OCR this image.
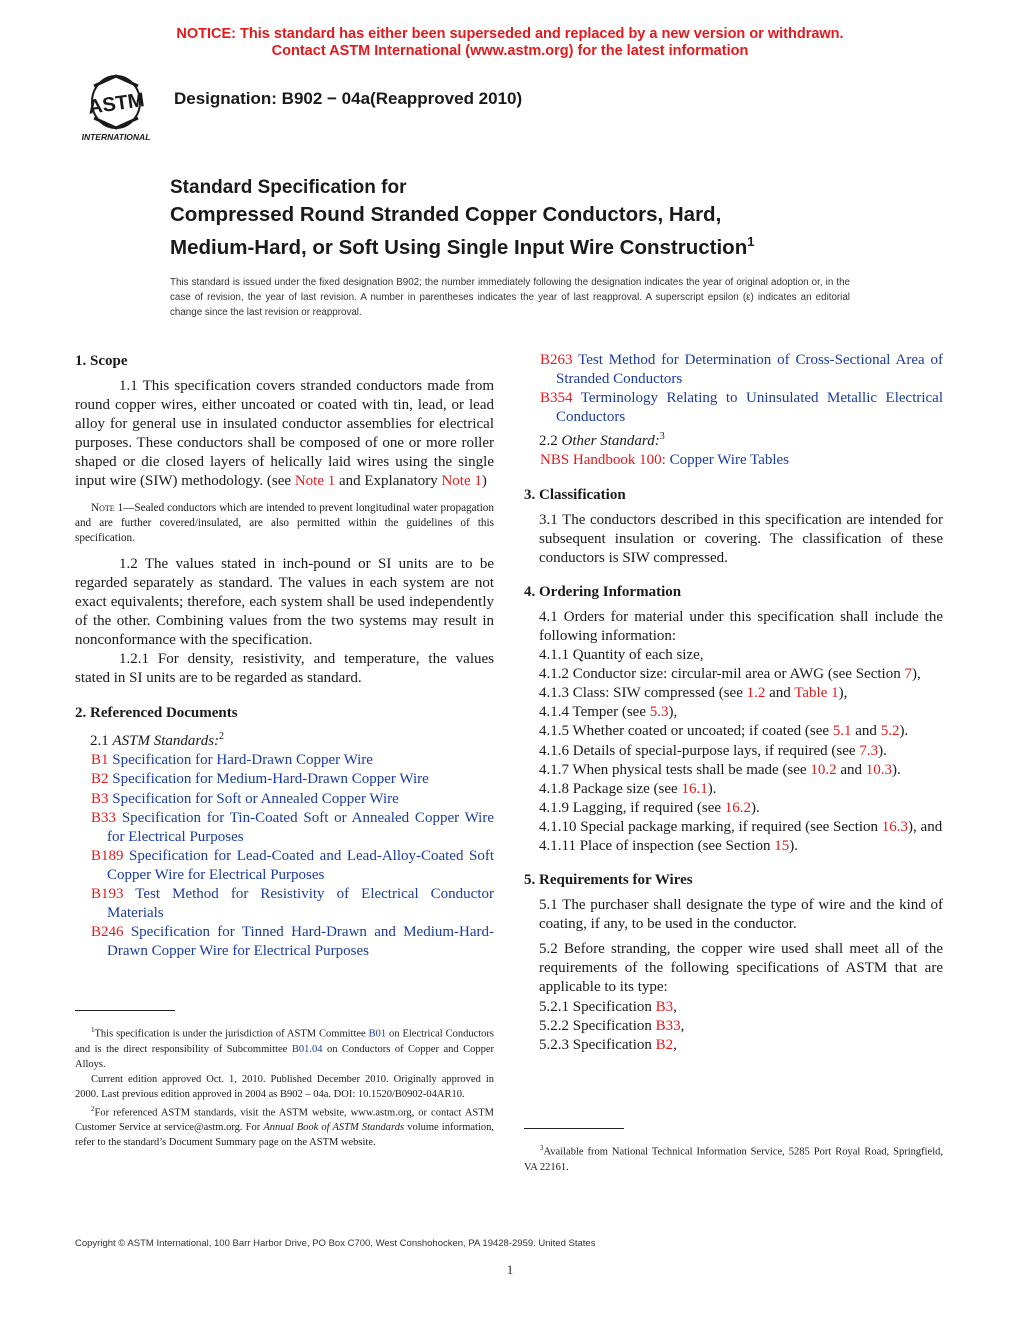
NOTICE: This standard has either been superseded and replaced by a new version or withdrawn.
Contact ASTM International (www.astm.org) for the latest information
ASTM
INTERNATIONAL
Designation: B902 − 04a(Reapproved 2010)
Standard Specification for
Compressed Round Stranded Copper Conductors, Hard,
Medium-Hard, or Soft Using Single Input Wire Construction$^1$
This standard is issued under the fixed designation B902; the number immediately following the designation indicates the year of original adoption or, in the case of revision, the year of last revision. A number in parentheses indicates the year of last reapproval. A superscript epsilon (ε) indicates an editorial change since the last revision or reapproval.
1. Scope

1.1 This specification covers stranded conductors made from round copper wires, either uncoated or coated with tin, lead, or lead alloy for general use in insulated conductor assemblies for electrical purposes. These conductors shall be composed of one or more roller shaped or die closed layers of helically laid wires using the single input wire (SIW) methodology. (see Note 1 and Explanatory Note 1)

Note 1—Sealed conductors which are intended to prevent longitudinal water propagation and are further covered/insulated, are also permitted within the guidelines of this specification.

1.2 The values stated in inch-pound or SI units are to be regarded separately as standard. The values in each system are not exact equivalents; therefore, each system shall be used independently of the other. Combining values from the two systems may result in nonconformance with the specification.

1.2.1 For density, resistivity, and temperature, the values stated in SI units are to be regarded as standard.

2. Referenced Documents

2.1 ASTM Standards:$^2$

B1 Specification for Hard-Drawn Copper Wire

B2 Specification for Medium-Hard-Drawn Copper Wire

B3 Specification for Soft or Annealed Copper Wire

B33 Specification for Tin-Coated Soft or Annealed Copper Wire for Electrical Purposes

B189 Specification for Lead-Coated and Lead-Alloy-Coated Soft Copper Wire for Electrical Purposes

B193 Test Method for Resistivity of Electrical Conductor Materials

B246 Specification for Tinned Hard-Drawn and Medium-Hard-Drawn Copper Wire for Electrical Purposes

$^1$This specification is under the jurisdiction of ASTM Committee B01 on Electrical Conductors and is the direct responsibility of Subcommittee B01.04 on Conductors of Copper and Copper Alloys.

Current edition approved Oct. 1, 2010. Published December 2010. Originally approved in 2000. Last previous edition approved in 2004 as B902 – 04a. DOI: 10.1520/B0902-04AR10.

$^2$For referenced ASTM standards, visit the ASTM website, www.astm.org, or contact ASTM Customer Service at service@astm.org. For Annual Book of ASTM Standards volume information, refer to the standard’s Document Summary page on the ASTM website.

B263 Test Method for Determination of Cross-Sectional Area of Stranded Conductors

B354 Terminology Relating to Uninsulated Metallic Electrical Conductors

2.2 Other Standard:$^3$

NBS Handbook 100: Copper Wire Tables

3. Classification

3.1 The conductors described in this specification are intended for subsequent insulation or covering. The classification of these conductors is SIW compressed.

4. Ordering Information

4.1 Orders for material under this specification shall include the following information:

4.1.1 Quantity of each size,

4.1.2 Conductor size: circular-mil area or AWG (see Section 7),

4.1.3 Class: SIW compressed (see 1.2 and Table 1),

4.1.4 Temper (see 5.3),

4.1.5 Whether coated or uncoated; if coated (see 5.1 and 5.2).

4.1.6 Details of special-purpose lays, if required (see 7.3).

4.1.7 When physical tests shall be made (see 10.2 and 10.3).

4.1.8 Package size (see 16.1).

4.1.9 Lagging, if required (see 16.2).

4.1.10 Special package marking, if required (see Section 16.3), and

4.1.11 Place of inspection (see Section 15).

5. Requirements for Wires

5.1 The purchaser shall designate the type of wire and the kind of coating, if any, to be used in the conductor.

5.2 Before stranding, the copper wire used shall meet all of the requirements of the following specifications of ASTM that are applicable to its type:

5.2.1 Specification B3,

5.2.2 Specification B33,

5.2.3 Specification B2,

$^3$Available from National Technical Information Service, 5285 Port Royal Road, Springfield, VA 22161.

Copyright © ASTM International, 100 Barr Harbor Drive, PO Box C700, West Conshohocken, PA 19428-2959. United States
1
